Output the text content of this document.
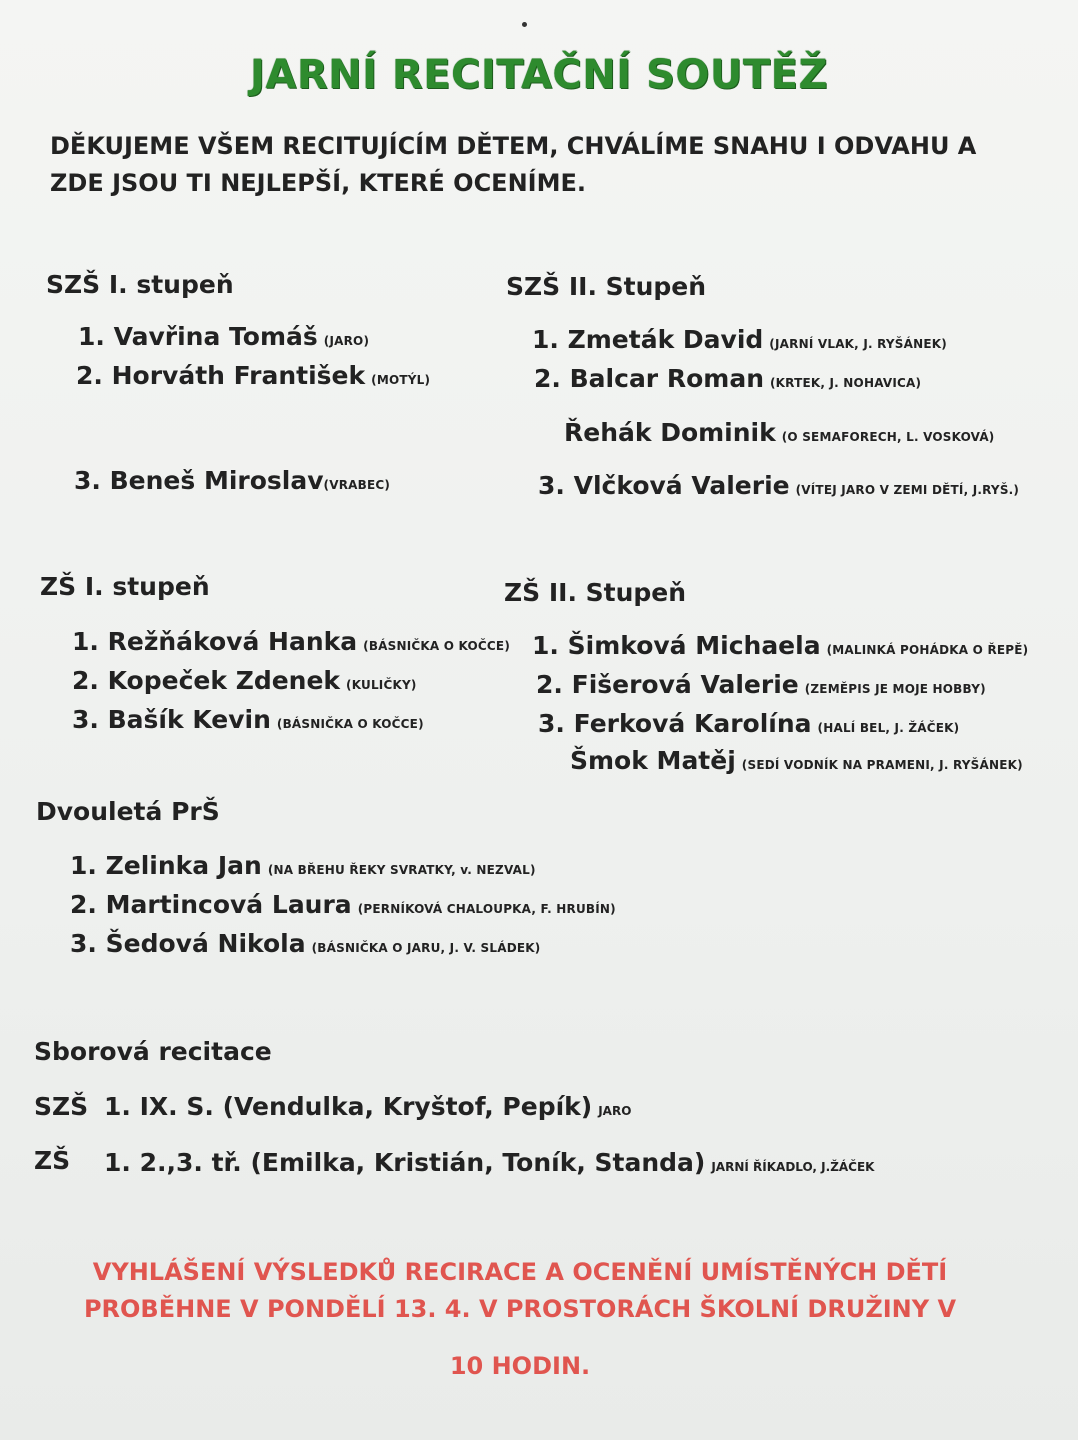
JARNÍ RECITAČNÍ SOUTĚŽ
DĚKUJEME VŠEM RECITUJÍCÍM DĚTEM, CHVÁLÍME SNAHU I ODVAHU A
ZDE JSOU TI NEJLEPŠÍ, KTERÉ OCENÍME.
SZŠ I. stupeň
1. Vavřina Tomáš (JARO)
2. Horváth František (MOTÝL)
3. Beneš Miroslav(VRABEC)
SZŠ II. Stupeň
1. Zmeták David (JARNÍ VLAK, J. RYŠÁNEK)
2. Balcar Roman (KRTEK, J. NOHAVICA)
Řehák Dominik (O SEMAFORECH, L. VOSKOVÁ)
3. Vlčková Valerie (VÍTEJ JARO V ZEMI DĚTÍ, J.RYŠ.)
ZŠ I. stupeň
1. Režňáková Hanka (BÁSNIČKA O KOČCE)
2. Kopeček Zdenek (KULIČKY)
3. Bašík Kevin (BÁSNIČKA O KOČCE)
ZŠ II. Stupeň
1. Šimková Michaela (MALINKÁ POHÁDKA O ŘEPĚ)
2. Fišerová Valerie (ZEMĚPIS JE MOJE HOBBY)
3. Ferková Karolína (HALÍ BEL, J. ŽÁČEK)
Šmok Matěj (SEDÍ VODNÍK NA PRAMENI, J. RYŠÁNEK)
Dvouletá PrŠ
1. Zelinka Jan (NA BŘEHU ŘEKY SVRATKY, v. NEZVAL)
2. Martincová Laura (PERNÍKOVÁ CHALOUPKA, F. HRUBÍN)
3. Šedová Nikola (BÁSNIČKA O JARU, J. V. SLÁDEK)
Sborová recitace
SZŠ 1. IX. S. (Vendulka, Kryštof, Pepík) JARO
ZŠ 1. 2.,3. tř. (Emilka, Kristián, Toník, Standa) JARNÍ ŘÍKADLO, J.ŽÁČEK
VYHLÁŠENÍ VÝSLEDKŮ RECIRACE A OCENĚNÍ UMÍSTĚNÝCH DĚTÍ
PROBĚHNE V PONDĚLÍ 13. 4. V PROSTORÁCH ŠKOLNÍ DRUŽINY V
10 HODIN.
